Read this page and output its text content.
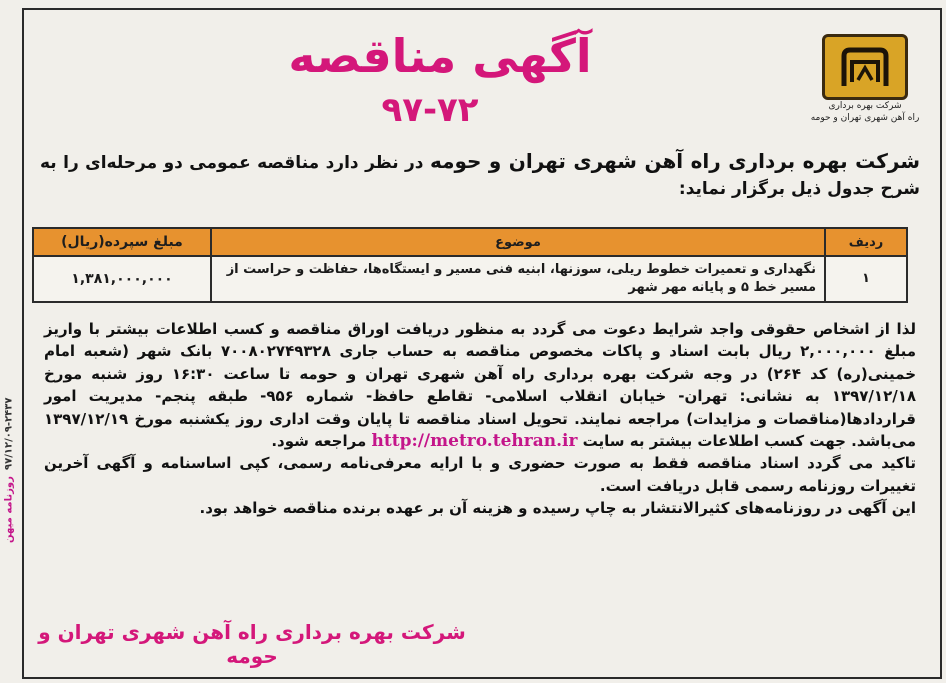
روزنامه میهن
۹۷/۱۲/۰۹-۲۴۳۷
شرکت بهره برداری
راه آهن شهری تهران و حومه
آگهی مناقصه
۹۷-۷۲
شرکت بهره برداری راه آهن شهری تهران و حومه در نظر دارد مناقصه عمومی دو مرحله‌ای را به شرح جدول ذیل برگزار نماید:
ردیف	موضوع	مبلغ سپرده(ریال)
۱	نگهداری و تعمیرات خطوط ریلی، سوزنها، ابنیه فنی مسیر و ایستگاه‌ها، حفاظت و حراست از مسیر خط ۵ و پایانه مهر شهر	۱,۳۸۱,۰۰۰,۰۰۰

لذا از اشخاص حقوقی واجد شرایط دعوت می گردد به منظور دریافت اوراق مناقصه و کسب اطلاعات بیشتر با واریز مبلغ ۲,۰۰۰,۰۰۰ ریال بابت اسناد و پاکات مخصوص مناقصه به حساب جاری ۷۰۰۸۰۲۷۴۹۳۲۸ بانک شهر (شعبه امام خمینی(ره) کد ۲۶۴) در وجه شرکت بهره برداری راه آهن شهری تهران و حومه تا ساعت ۱۶:۳۰ روز شنبه مورخ ۱۳۹۷/۱۲/۱۸ به نشانی: تهران- خیابان انقلاب اسلامی- تقاطع حافظ- شماره ۹۵۶- طبقه پنجم- مدیریت امور قراردادها(مناقصات و مزایدات) مراجعه نمایند. تحویل اسناد مناقصه تا پایان وقت اداری روز یکشنبه مورخ ۱۳۹۷/۱۲/۱۹ می‌باشد. جهت کسب اطلاعات بیشتر به سایت http://metro.tehran.ir مراجعه شود.

تاکید می گردد اسناد مناقصه فقط به صورت حضوری و با ارایه معرفی‌نامه رسمی، کپی اساسنامه و آگهی آخرین تغییرات روزنامه رسمی قابل دریافت است.

این آگهی در روزنامه‌های کثیرالانتشار به چاپ رسیده و هزینه آن بر عهده برنده مناقصه خواهد بود.

شرکت بهره برداری راه آهن شهری تهران و حومه
